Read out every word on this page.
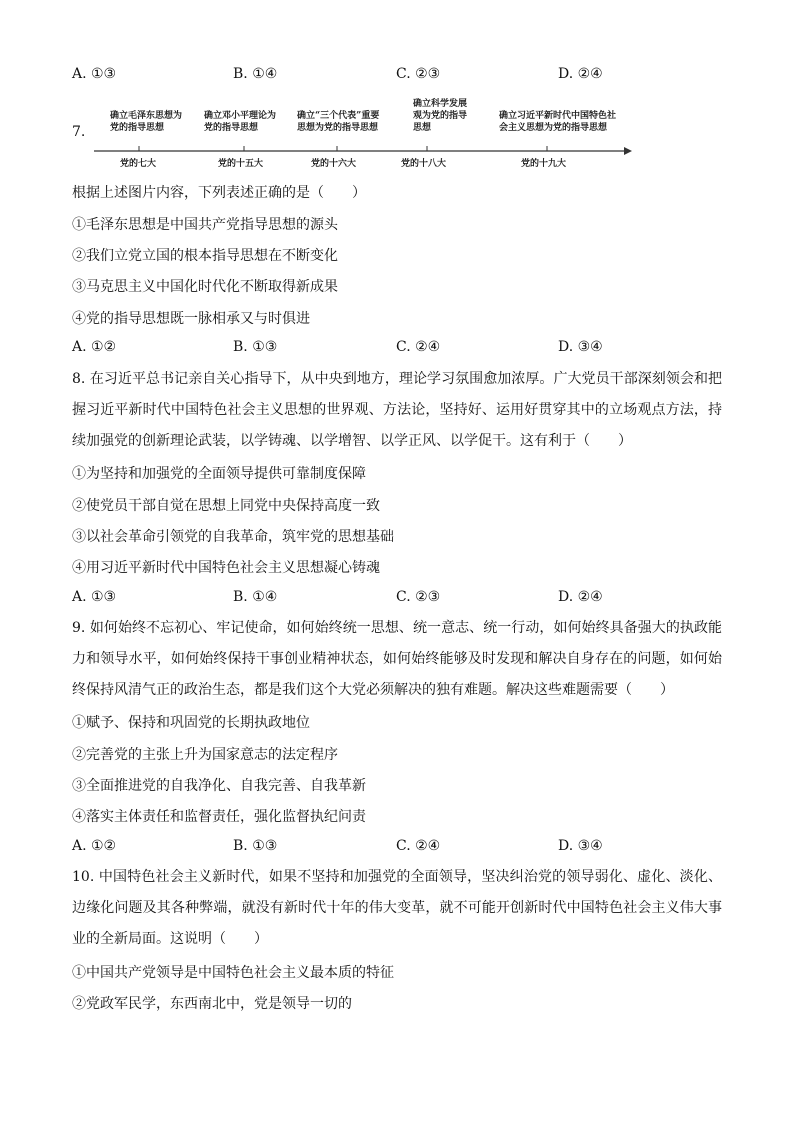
A. ①③	B. ①④	C. ②③	D. ②④
7.
确立毛泽东思想为党的指导思想
确立邓小平理论为党的指导思想
确立“三个代表”重要思想为党的指导思想
确立科学发展观为党的指导思想
确立习近平新时代中国特色社会主义思想为党的指导思想
党的七大	党的十五大	党的十六大	党的十八大	党的十九大
根据上述图片内容，下列表述正确的是（　　）
①毛泽东思想是中国共产党指导思想的源头
②我们立党立国的根本指导思想在不断变化
③马克思主义中国化时代化不断取得新成果
④党的指导思想既一脉相承又与时俱进
A. ①②	B. ①③	C. ②④	D. ③④
8. 在习近平总书记亲自关心指导下，从中央到地方，理论学习氛围愈加浓厚。广大党员干部深刻领会和把握习近平新时代中国特色社会主义思想的世界观、方法论，坚持好、运用好贯穿其中的立场观点方法，持续加强党的创新理论武装，以学铸魂、以学增智、以学正风、以学促干。这有利于（　　）
①为坚持和加强党的全面领导提供可靠制度保障
②使党员干部自觉在思想上同党中央保持高度一致
③以社会革命引领党的自我革命，筑牢党的思想基础
④用习近平新时代中国特色社会主义思想凝心铸魂
A. ①③	B. ①④	C. ②③	D. ②④
9. 如何始终不忘初心、牢记使命，如何始终统一思想、统一意志、统一行动，如何始终具备强大的执政能力和领导水平，如何始终保持干事创业精神状态，如何始终能够及时发现和解决自身存在的问题，如何始终保持风清气正的政治生态，都是我们这个大党必须解决的独有难题。解决这些难题需要（　　）
①赋予、保持和巩固党的长期执政地位
②完善党的主张上升为国家意志的法定程序
③全面推进党的自我净化、自我完善、自我革新
④落实主体责任和监督责任，强化监督执纪问责
A. ①②	B. ①③	C. ②④	D. ③④
10. 中国特色社会主义新时代，如果不坚持和加强党的全面领导，坚决纠治党的领导弱化、虚化、淡化、边缘化问题及其各种弊端，就没有新时代十年的伟大变革，就不可能开创新时代中国特色社会主义伟大事业的全新局面。这说明（　　）
①中国共产党领导是中国特色社会主义最本质的特征
②党政军民学，东西南北中，党是领导一切的
